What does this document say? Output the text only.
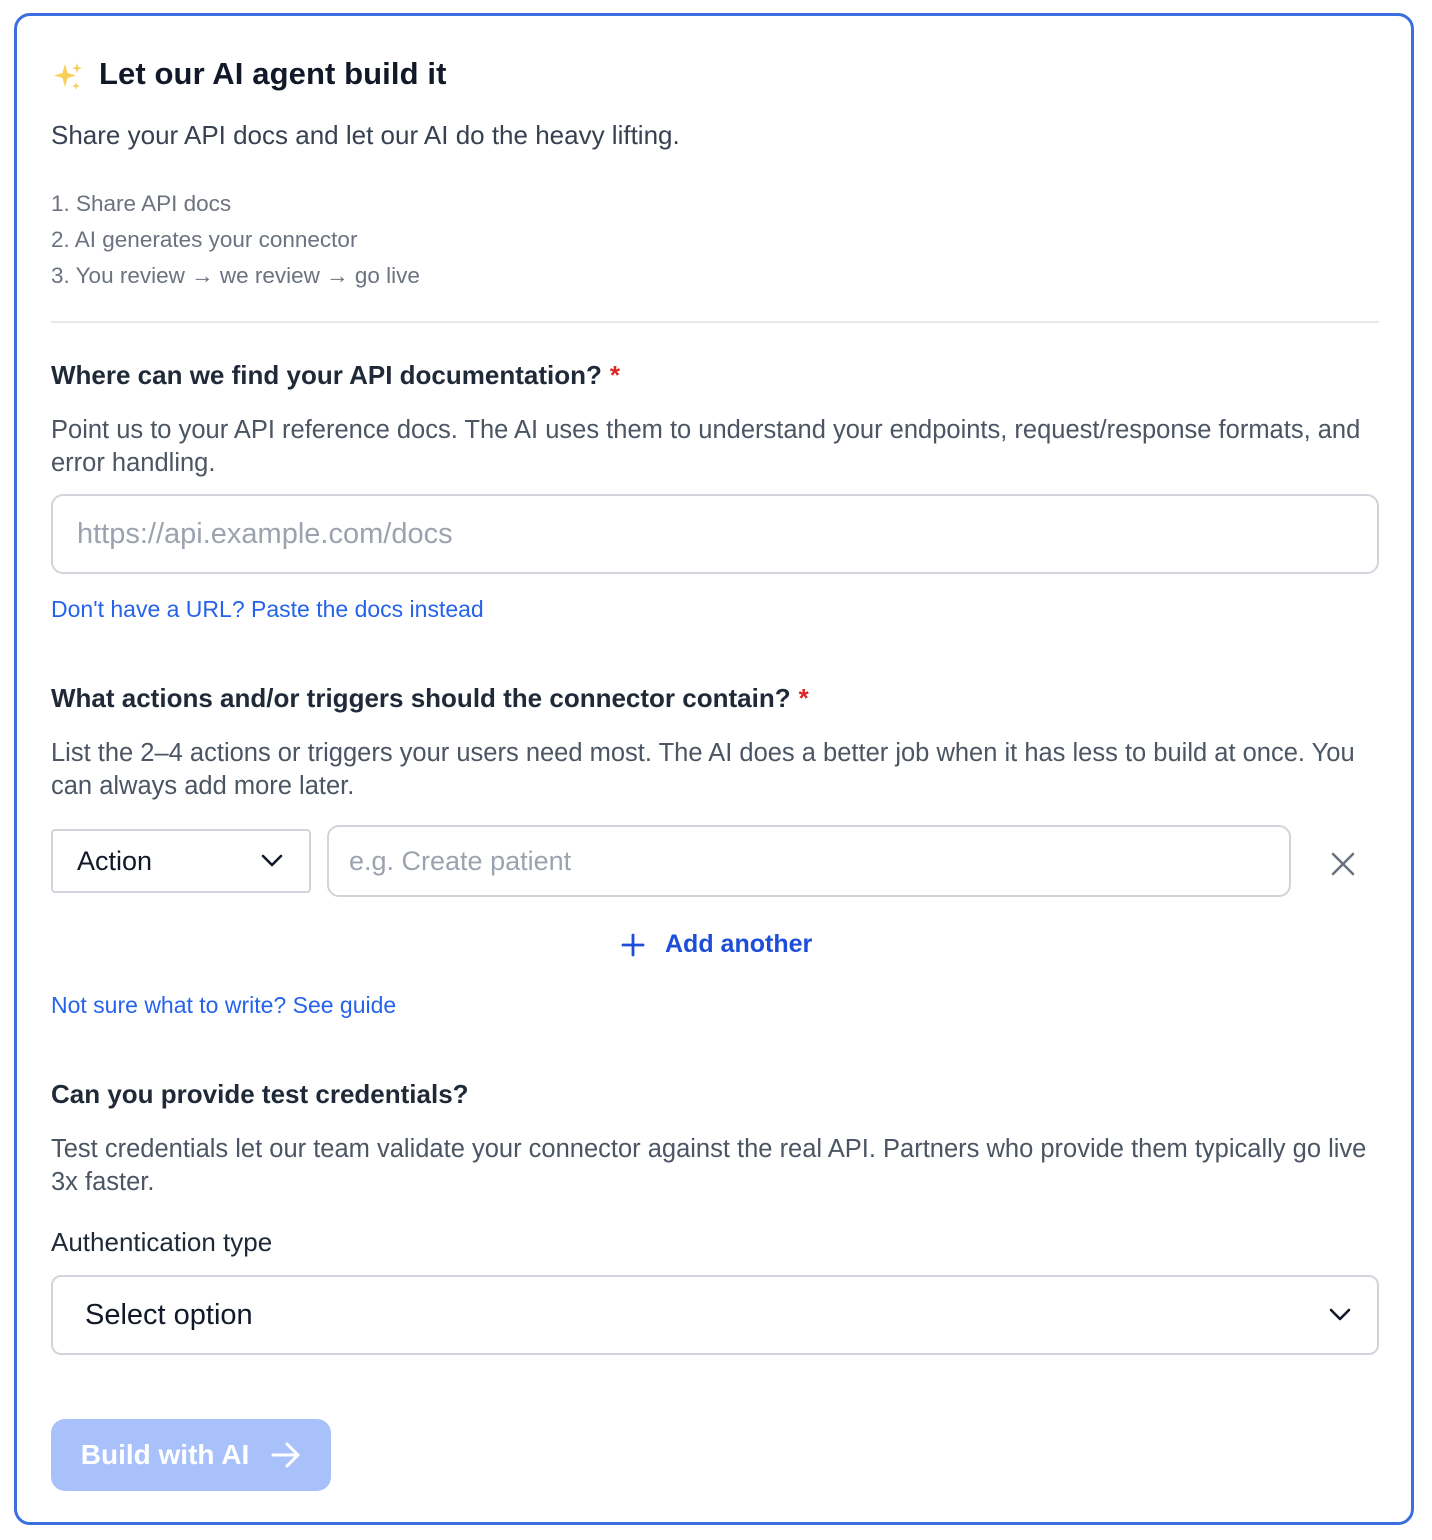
Let our AI agent build it
Share your API docs and let our AI do the heavy lifting.
1. Share API docs
2. AI generates your connector
3. You review → we review → go live
Where can we find your API documentation? *
Point us to your API reference docs. The AI uses them to understand your endpoints, request/response formats, and error handling.
https://api.example.com/docs
Don't have a URL? Paste the docs instead
What actions and/or triggers should the connector contain? *
List the 2–4 actions or triggers your users need most. The AI does a better job when it has less to build at once. You can always add more later.
Action
e.g. Create patient
Add another
Not sure what to write? See guide
Can you provide test credentials?
Test credentials let our team validate your connector against the real API. Partners who provide them typically go live 3x faster.
Authentication type
Select option
Build with AI
